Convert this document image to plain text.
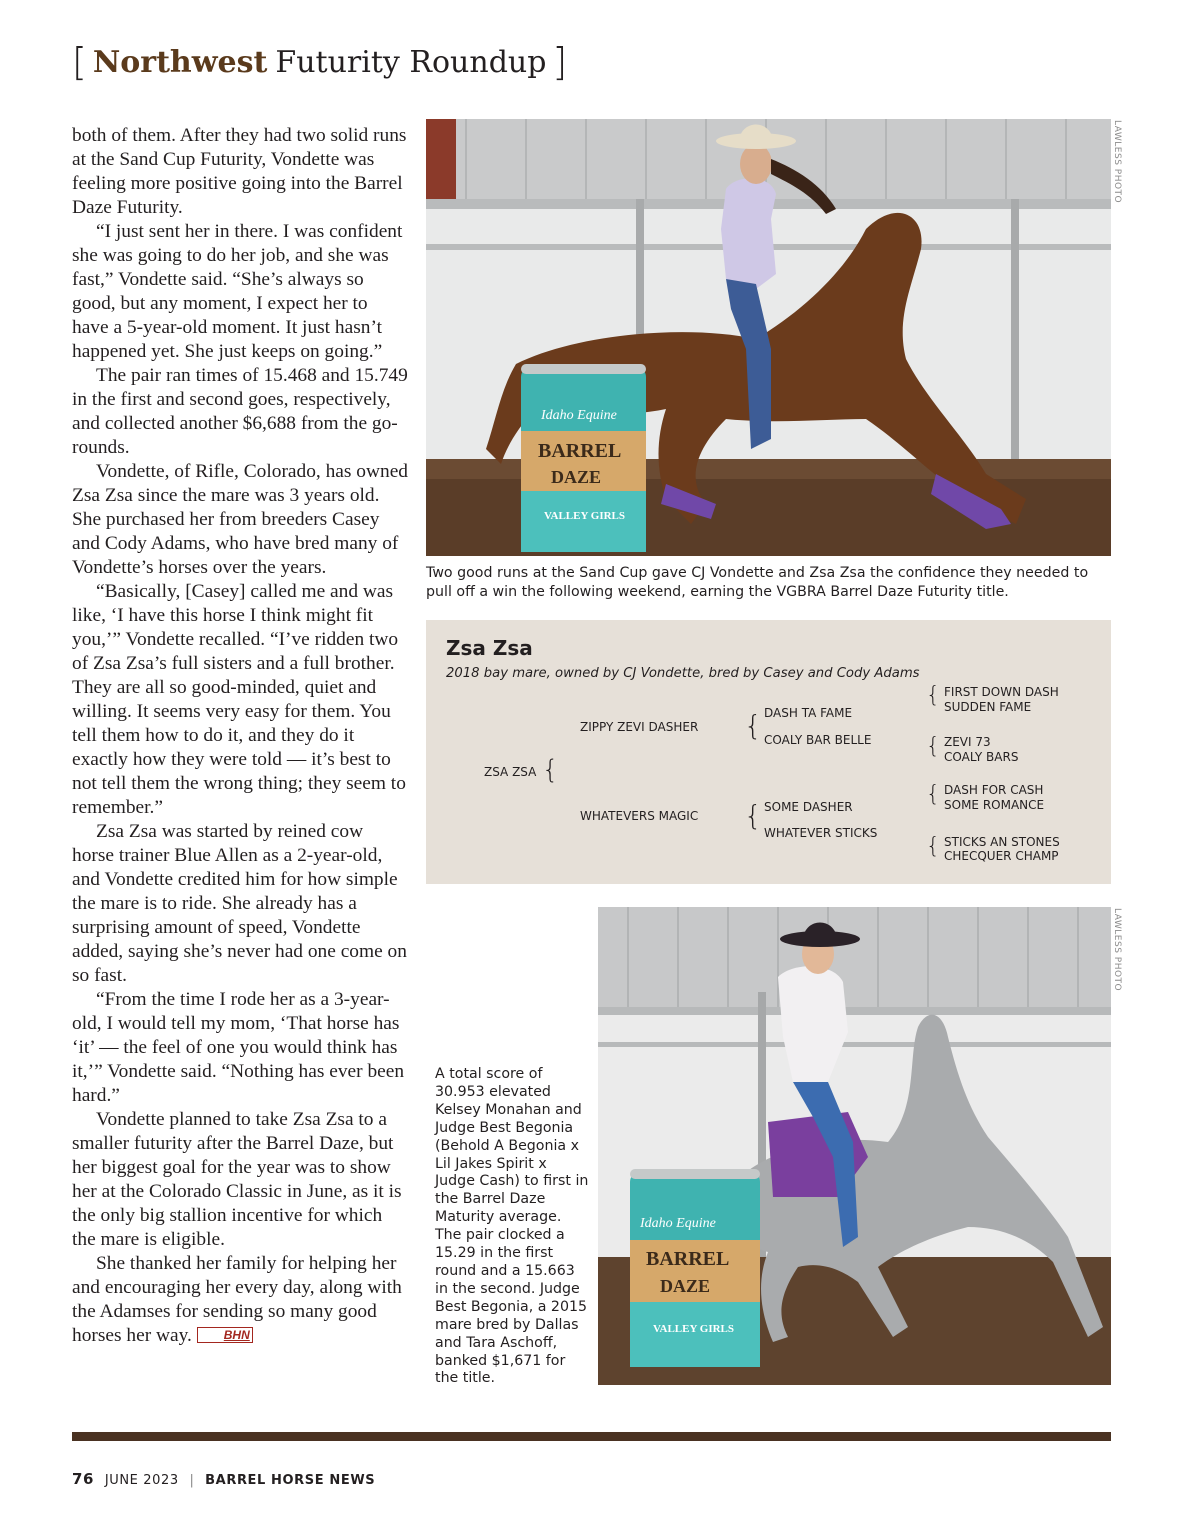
[ Northwest Futurity Roundup ]

both of them. After they had two solid runs at the Sand Cup Futurity, Vondette was feeling more positive going into the Barrel Daze Futurity.

“I just sent her in there. I was confident she was going to do her job, and she was fast,” Vondette said. “She’s always so good, but any moment, I expect her to have a 5-year-old moment. It just hasn’t happened yet. She just keeps on going.”

The pair ran times of 15.468 and 15.749 in the first and second goes, respectively, and collected another $6,688 from the go-rounds.

Vondette, of Rifle, Colorado, has owned Zsa Zsa since the mare was 3 years old. She purchased her from breeders Casey and Cody Adams, who have bred many of Vondette’s horses over the years.

“Basically, [Casey] called me and was like, ‘I have this horse I think might fit you,’” Vondette recalled. “I’ve ridden two of Zsa Zsa’s full sisters and a full brother. They are all so good-minded, quiet and willing. It seems very easy for them. You tell them how to do it, and they do it exactly how they were told — it’s best to not tell them the wrong thing; they seem to remember.”

Zsa Zsa was started by reined cow horse trainer Blue Allen as a 2-year-old, and Vondette credited him for how simple the mare is to ride. She already has a surprising amount of speed, Vondette added, saying she’s never had one come on so fast.

“From the time I rode her as a 3-year-old, I would tell my mom, ‘That horse has ‘it’ — the feel of one you would think has it,’” Vondette said. “Nothing has ever been hard.”

Vondette planned to take Zsa Zsa to a smaller futurity after the Barrel Daze, but her biggest goal for the year was to show her at the Colorado Classic in June, as it is the only big stallion incentive for which the mare is eligible.

She thanked her family for helping her and encouraging her every day, along with the Adamses for sending so many good horses her way.	BHN

Idaho Equine
BARREL
DAZE
VALLEY GIRLS
LAWLESS PHOTO
Two good runs at the Sand Cup gave CJ Vondette and Zsa Zsa the confidence they needed to pull off a win the following weekend, earning the VGBRA Barrel Daze Futurity title.
Zsa Zsa
2018 bay mare, owned by CJ Vondette, bred by Casey and Cody Adams
ZSA ZSA {
ZIPPY ZEVI DASHER
WHATEVERS MAGIC
{ DASH TA FAME
COALY BAR BELLE
{ SOME DASHER
WHATEVER STICKS
{ FIRST DOWN DASH
SUDDEN FAME
{ ZEVI 73
COALY BARS
{ DASH FOR CASH
SOME ROMANCE
{ STICKS AN STONES
CHECQUER CHAMP
Idaho Equine
BARREL
DAZE
VALLEY GIRLS
LAWLESS PHOTO
A total score of 30.953 elevated Kelsey Monahan and Judge Best Begonia (Behold A Begonia x Lil Jakes Spirit x Judge Cash) to first in the Barrel Daze Maturity average. The pair clocked a 15.29 in the first round and a 15.663 in the second. Judge Best Begonia, a 2015 mare bred by Dallas and Tara Aschoff, banked $1,671 for the title.
76 JUNE 2023 | BARREL HORSE NEWS
